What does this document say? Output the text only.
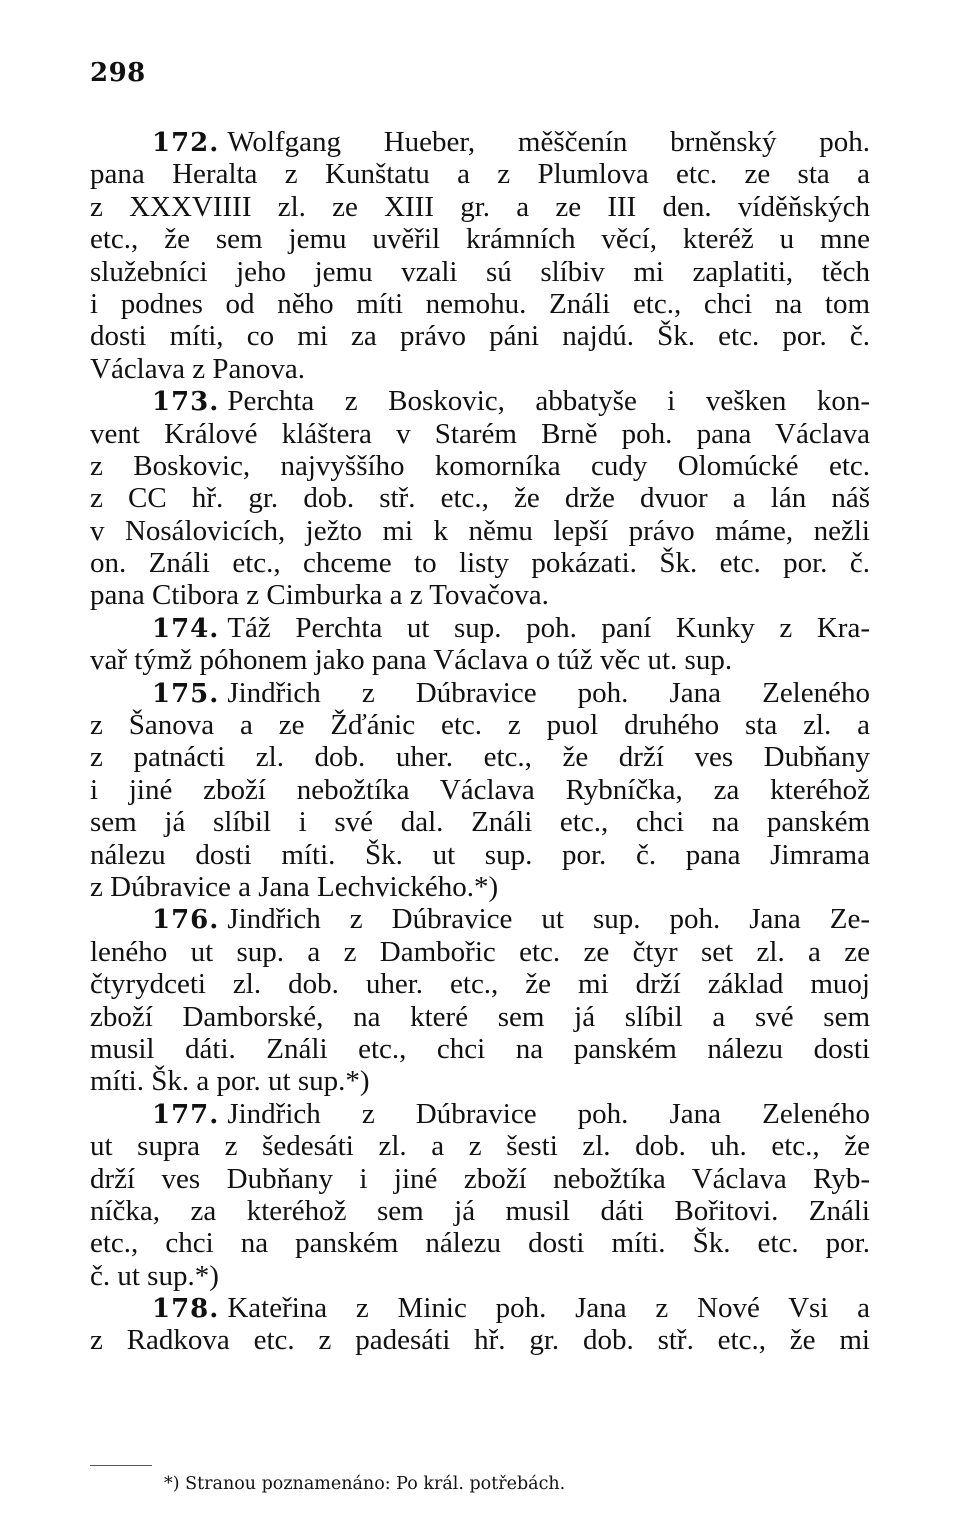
298
172. Wolfgang Hueber, měščenín brněnský poh.
pana Heralta z Kunštatu a z Plumlova etc. ze sta a
z XXXVIIII zl. ze XIII gr. a ze III den. víděňských
etc., že sem jemu uvěřil krámních věcí, kteréž u mne
služebníci jeho jemu vzali sú slíbiv mi zaplatiti, těch
i podnes od něho míti nemohu. Ználi etc., chci na tom
dosti míti, co mi za právo páni najdú. Šk. etc. por. č.
Václava z Panova.
173. Perchta z Boskovic, abbatyše i vešken kon-
vent Králové kláštera v Starém Brně poh. pana Václava
z Boskovic, najvyššího komorníka cudy Olomúcké etc.
z CC hř. gr. dob. stř. etc., že drže dvuor a lán náš
v Nosálovicích, ježto mi k němu lepší právo máme, nežli
on. Ználi etc., chceme to listy pokázati. Šk. etc. por. č.
pana Ctibora z Cimburka a z Tovačova.
174. Táž Perchta ut sup. poh. paní Kunky z Kra-
vař týmž póhonem jako pana Václava o túž věc ut. sup.
175. Jindřich z Dúbravice poh. Jana Zeleného
z Šanova a ze Žďánic etc. z puol druhého sta zl. a
z patnácti zl. dob. uher. etc., že drží ves Dubňany
i jiné zboží nebožtíka Václava Rybníčka, za kteréhož
sem já slíbil i své dal. Ználi etc., chci na panském
nálezu dosti míti. Šk. ut sup. por. č. pana Jimrama
z Dúbravice a Jana Lechvického.*)
176. Jindřich z Dúbravice ut sup. poh. Jana Ze-
leného ut sup. a z Dambořic etc. ze čtyr set zl. a ze
čtyrydceti zl. dob. uher. etc., že mi drží základ muoj
zboží Damborské, na které sem já slíbil a své sem
musil dáti. Ználi etc., chci na panském nálezu dosti
míti. Šk. a por. ut sup.*)
177. Jindřich z Dúbravice poh. Jana Zeleného
ut supra z šedesáti zl. a z šesti zl. dob. uh. etc., že
drží ves Dubňany i jiné zboží nebožtíka Václava Ryb-
níčka, za kteréhož sem já musil dáti Bořitovi. Ználi
etc., chci na panském nálezu dosti míti. Šk. etc. por.
č. ut sup.*)
178. Kateřina z Minic poh. Jana z Nové Vsi a
z Radkova etc. z padesáti hř. gr. dob. stř. etc., že mi
*) Stranou poznamenáno: Po král. potřebách.
